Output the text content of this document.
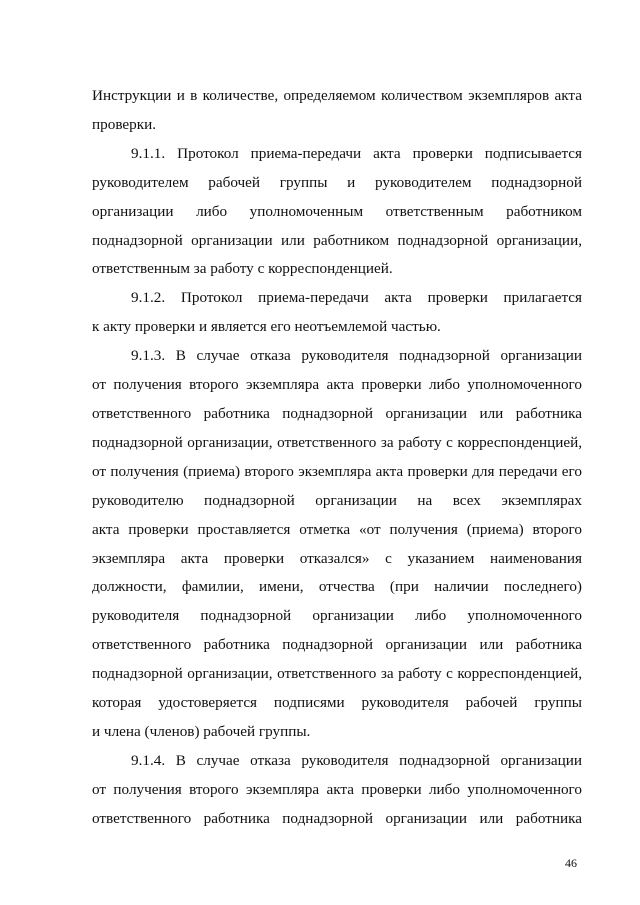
Инструкции и в количестве, определяемом количеством экземпляров акта
проверки.
9.1.1. Протокол приема-передачи акта проверки подписывается
руководителем рабочей группы и руководителем поднадзорной
организации либо уполномоченным ответственным работником
поднадзорной организации или работником поднадзорной организации,
ответственным за работу с корреспонденцией.
9.1.2. Протокол приема-передачи акта проверки прилагается
к акту проверки и является его неотъемлемой частью.
9.1.3. В случае отказа руководителя поднадзорной организации
от получения второго экземпляра акта проверки либо уполномоченного
ответственного работника поднадзорной организации или работника
поднадзорной организации, ответственного за работу с корреспонденцией,
от получения (приема) второго экземпляра акта проверки для передачи его
руководителю поднадзорной организации на всех экземплярах
акта проверки проставляется отметка «от получения (приема) второго
экземпляра акта проверки отказался» с указанием наименования
должности, фамилии, имени, отчества (при наличии последнего)
руководителя поднадзорной организации либо уполномоченного
ответственного работника поднадзорной организации или работника
поднадзорной организации, ответственного за работу с корреспонденцией,
которая удостоверяется подписями руководителя рабочей группы
и члена (членов) рабочей группы.
9.1.4. В случае отказа руководителя поднадзорной организации
от получения второго экземпляра акта проверки либо уполномоченного
ответственного работника поднадзорной организации или работника
46
